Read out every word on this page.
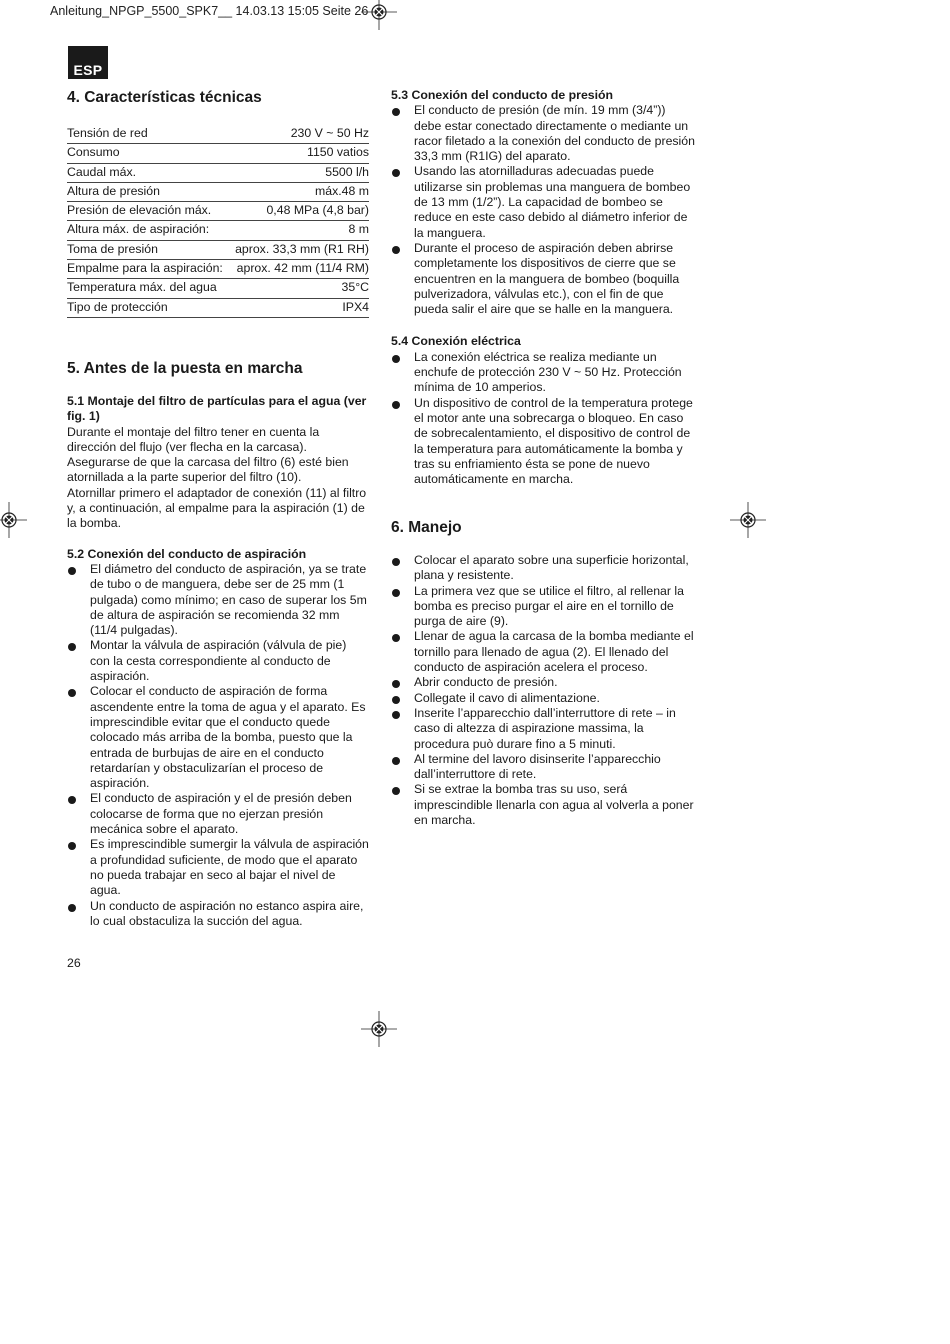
Anleitung_NPGP_5500_SPK7__ 14.03.13 15:05 Seite 26
ESP
4. Características técnicas
Tensión de red	230 V ~ 50 Hz
Consumo	1150 vatios
Caudal máx.	5500 l/h
Altura de presión	máx.48 m
Presión de elevación máx.	0,48 MPa (4,8 bar)
Altura máx. de aspiración:	8 m
Toma de presión	aprox. 33,3 mm (R1 RH)
Empalme para la aspiración:	aprox. 42 mm (11/4 RM)
Temperatura máx. del agua	35°C
Tipo de protección	IPX4
5. Antes de la puesta en marcha
5.1 Montaje del filtro de partículas para el agua (ver fig. 1)

Durante el montaje del filtro tener en cuenta la dirección del flujo (ver flecha en la carcasa).

Asegurarse de que la carcasa del filtro (6) esté bien atornillada a la parte superior del filtro (10).

Atornillar primero el adaptador de conexión (11) al filtro y, a continuación, al empalme para la aspiración (1) de la bomba.

5.2 Conexión del conducto de aspiración
El diámetro del conducto de aspiración, ya se trate de tubo o de manguera, debe ser de 25 mm (1 pulgada) como mínimo; en caso de superar los 5m de altura de aspiración se recomienda 32 mm (11/4 pulgadas).
Montar la válvula de aspiración (válvula de pie) con la cesta correspondiente al conducto de aspiración.
Colocar el conducto de aspiración de forma ascendente entre la toma de agua y el aparato. Es imprescindible evitar que el conducto quede colocado más arriba de la bomba, puesto que la entrada de burbujas de aire en el conducto retardarían y obstaculizarían el proceso de aspiración.
El conducto de aspiración y el de presión deben colocarse de forma que no ejerzan presión mecánica sobre el aparato.
Es imprescindible sumergir la válvula de aspiración a profundidad suficiente, de modo que el aparato no pueda trabajar en seco al bajar el nivel de agua.
Un conducto de aspiración no estanco aspira aire, lo cual obstaculiza la succión del agua.
5.3 Conexión del conducto de presión
El conducto de presión (de mín. 19 mm (3/4”)) debe estar conectado directamente o mediante un racor filetado a la conexión del conducto de presión 33,3 mm (R1IG) del aparato.
Usando las atornilladuras adecuadas puede utilizarse sin problemas una manguera de bombeo de 13 mm (1/2”). La capacidad de bombeo se reduce en este caso debido al diámetro inferior de la manguera.
Durante el proceso de aspiración deben abrirse completamente los dispositivos de cierre que se encuentren en la manguera de bombeo (boquilla pulverizadora, válvulas etc.), con el fin de que pueda salir el aire que se halle en la manguera.
5.4 Conexión eléctrica
La conexión eléctrica se realiza mediante un enchufe de protección 230 V ~ 50 Hz. Protección mínima de 10 amperios.
Un dispositivo de control de la temperatura protege el motor ante una sobrecarga o bloqueo. En caso de sobrecalentamiento, el dispositivo de control de la temperatura para automáticamente la bomba y tras su enfriamiento ésta se pone de nuevo automáticamente en marcha.
6. Manejo
Colocar el aparato sobre una superficie horizontal, plana y resistente.
La primera vez que se utilice el filtro, al rellenar la bomba es preciso purgar el aire en el tornillo de purga de aire (9).
Llenar de agua la carcasa de la bomba mediante el tornillo para llenado de agua (2). El llenado del conducto de aspiración acelera el proceso.
Abrir conducto de presión.
Collegate il cavo di alimentazione.
Inserite l’apparecchio dall’interruttore di rete – in caso di altezza di aspirazione massima, la procedura può durare fino a 5 minuti.
Al termine del lavoro disinserite l’apparecchio dall’interruttore di rete.
Si se extrae la bomba tras su uso, será imprescindible llenarla con agua al volverla a poner en marcha.
26
